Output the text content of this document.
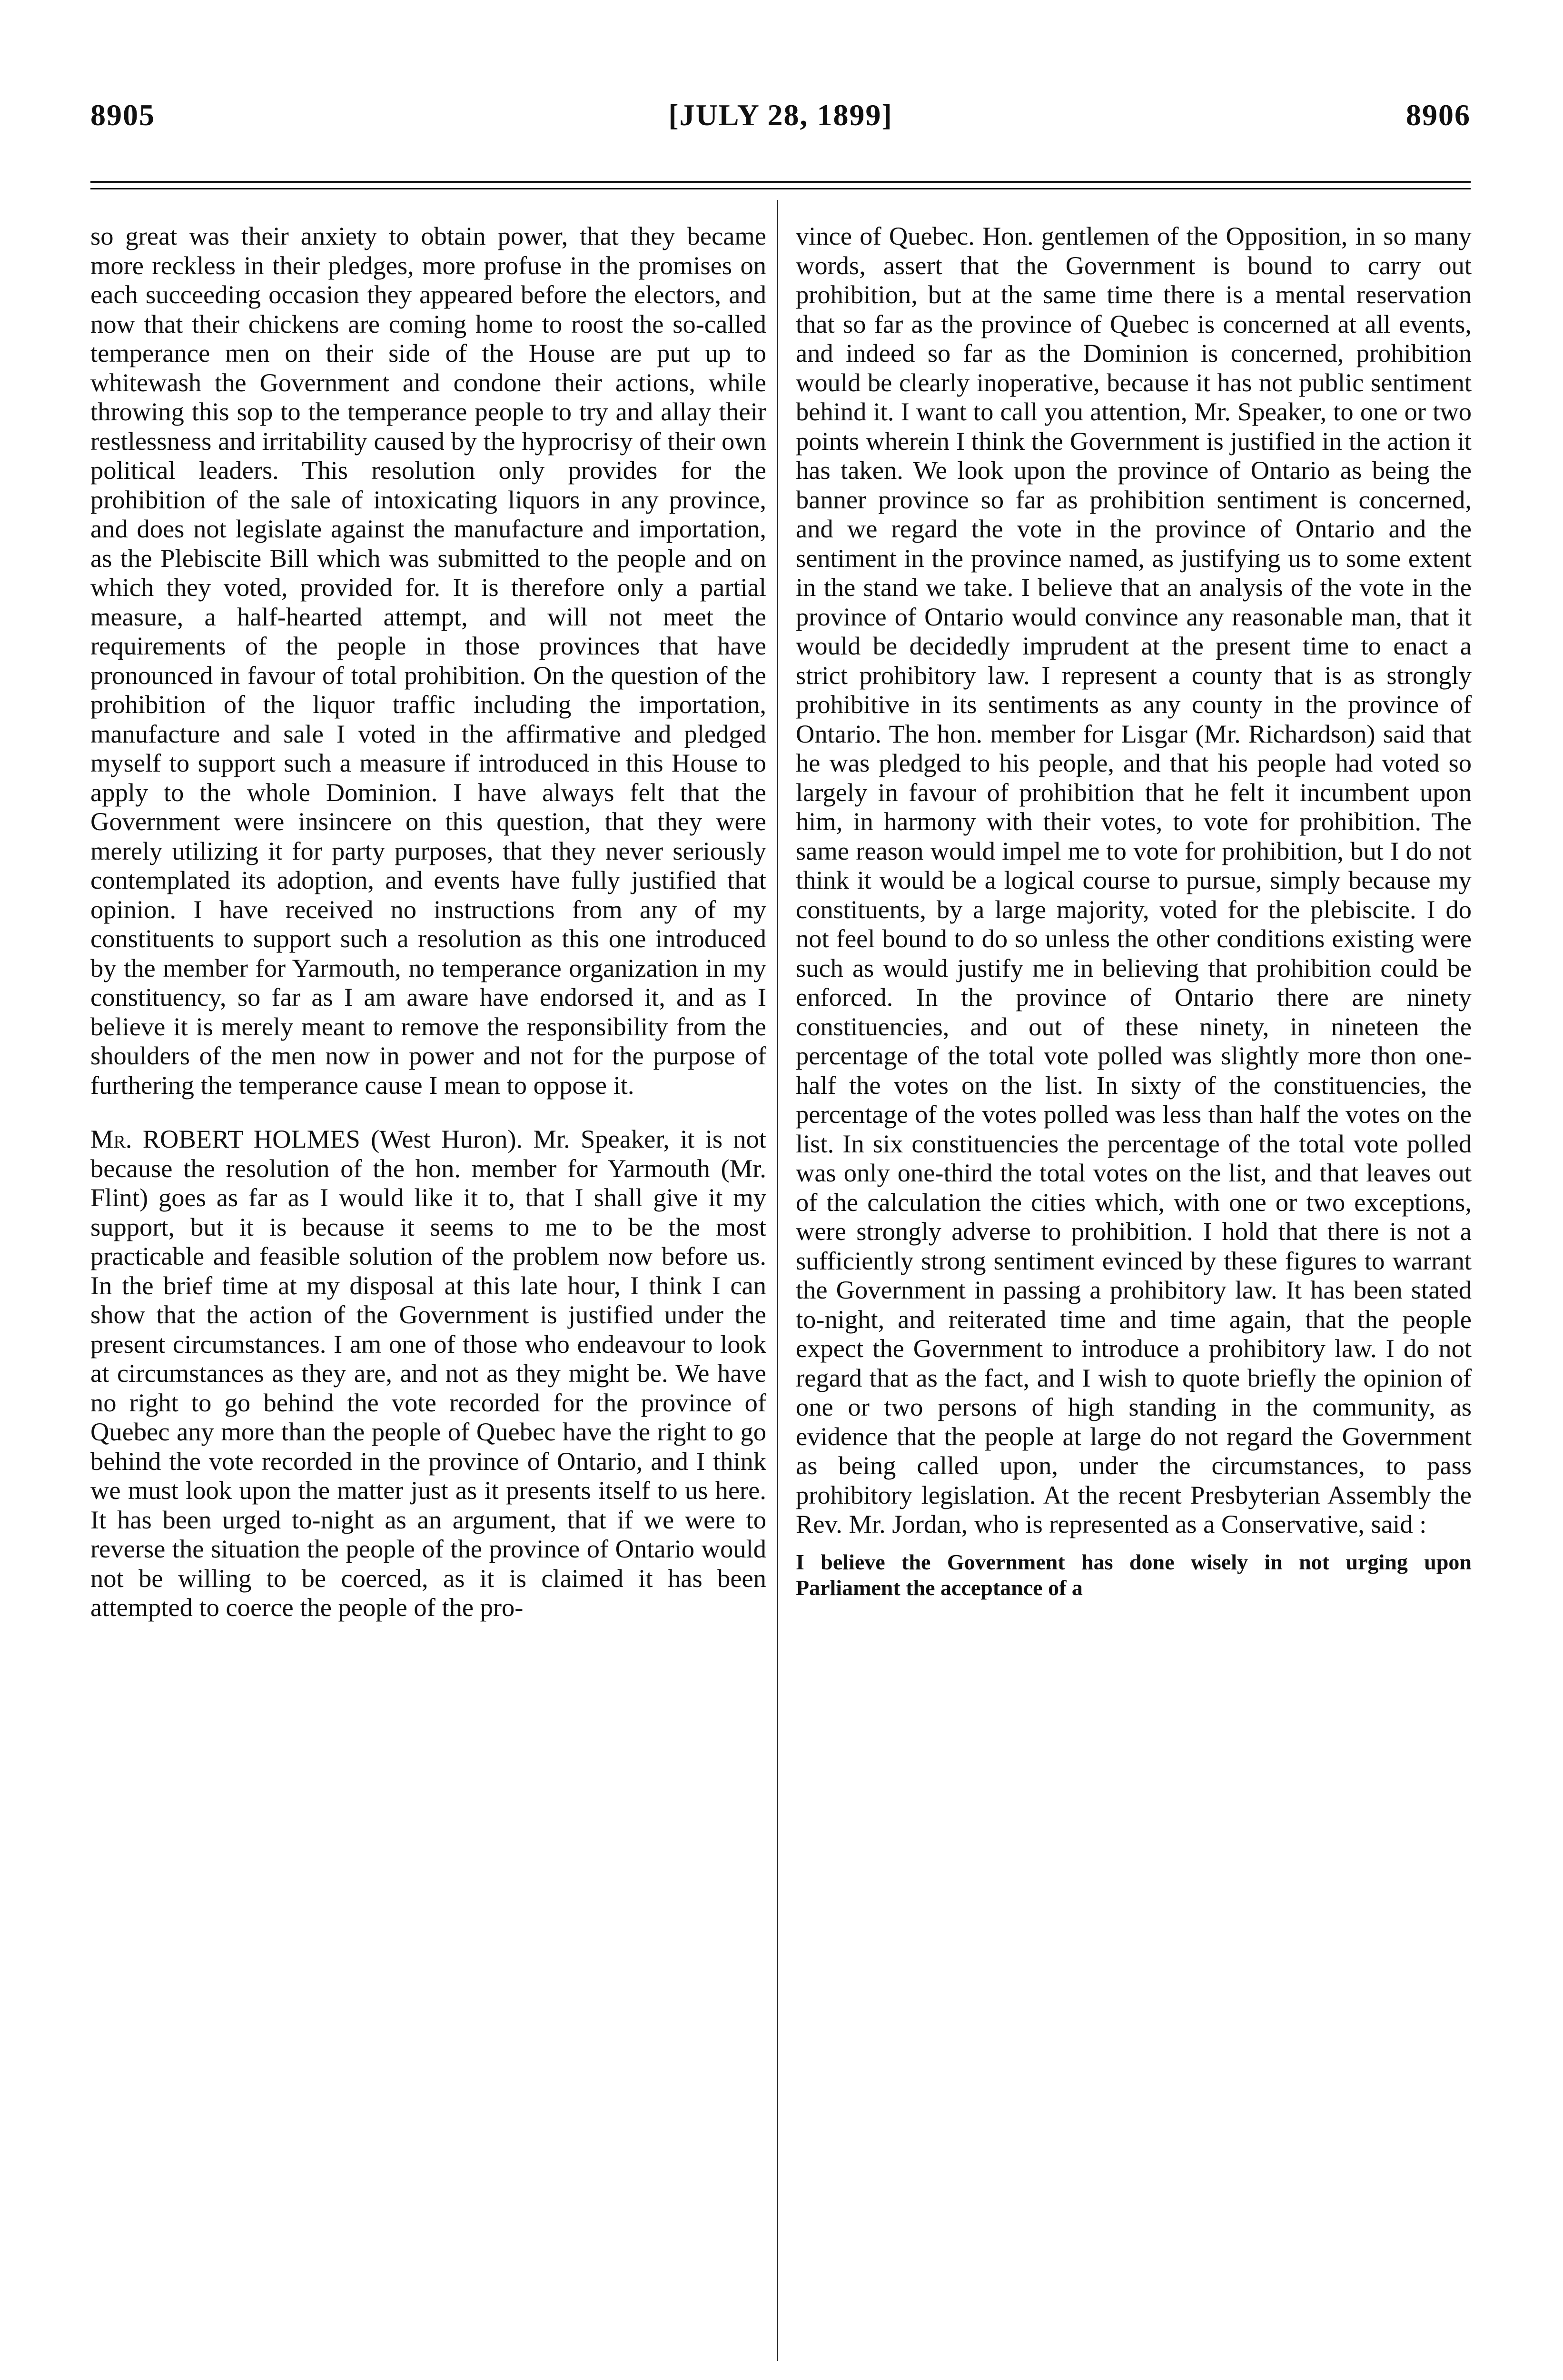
8905	[JULY 28, 1899]	8906

so great was their anxiety to obtain power, that they became more reckless in their pledges, more profuse in the promises on each succeeding occasion they appeared before the electors, and now that their chickens are coming home to roost the so-called temperance men on their side of the House are put up to whitewash the Government and condone their actions, while throwing this sop to the temperance people to try and allay their restlessness and irritability caused by the hyprocrisy of their own political leaders. This resolution only provides for the prohibition of the sale of intoxicating liquors in any province, and does not legislate against the manufacture and importation, as the Plebiscite Bill which was submitted to the people and on which they voted, provided for. It is therefore only a partial measure, a half-hearted attempt, and will not meet the requirements of the people in those provinces that have pronounced in favour of total prohibition. On the question of the prohibition of the liquor traffic including the importation, manufacture and sale I voted in the affirmative and pledged myself to support such a measure if introduced in this House to apply to the whole Dominion. I have always felt that the Government were insincere on this question, that they were merely utilizing it for party purposes, that they never seriously contemplated its adoption, and events have fully justified that opinion. I have received no instructions from any of my constituents to support such a resolution as this one introduced by the member for Yarmouth, no temperance organization in my constituency, so far as I am aware have endorsed it, and as I believe it is merely meant to remove the responsibility from the shoulders of the men now in power and not for the purpose of furthering the temperance cause I mean to oppose it.

Mr. ROBERT HOLMES (West Huron). Mr. Speaker, it is not because the resolution of the hon. member for Yarmouth (Mr. Flint) goes as far as I would like it to, that I shall give it my support, but it is because it seems to me to be the most practicable and feasible solution of the problem now before us. In the brief time at my disposal at this late hour, I think I can show that the action of the Government is justified under the present circumstances. I am one of those who endeavour to look at circumstances as they are, and not as they might be. We have no right to go behind the vote recorded for the province of Quebec any more than the people of Quebec have the right to go behind the vote recorded in the province of Ontario, and I think we must look upon the matter just as it presents itself to us here. It has been urged to-night as an argument, that if we were to reverse the situation the people of the province of Ontario would not be willing to be coerced, as it is claimed it has been attempted to coerce the people of the pro-

vince of Quebec. Hon. gentlemen of the Opposition, in so many words, assert that the Government is bound to carry out prohibition, but at the same time there is a mental reservation that so far as the province of Quebec is concerned at all events, and indeed so far as the Dominion is concerned, prohibition would be clearly inoperative, because it has not public sentiment behind it. I want to call you attention, Mr. Speaker, to one or two points wherein I think the Government is justified in the action it has taken. We look upon the province of Ontario as being the banner province so far as prohibition sentiment is concerned, and we regard the vote in the province of Ontario and the sentiment in the province named, as justifying us to some extent in the stand we take. I believe that an analysis of the vote in the province of Ontario would convince any reasonable man, that it would be decidedly imprudent at the present time to enact a strict prohibitory law. I represent a county that is as strongly prohibitive in its sentiments as any county in the province of Ontario. The hon. member for Lisgar (Mr. Richardson) said that he was pledged to his people, and that his people had voted so largely in favour of prohibition that he felt it incumbent upon him, in harmony with their votes, to vote for prohibition. The same reason would impel me to vote for prohibition, but I do not think it would be a logical course to pursue, simply because my constituents, by a large majority, voted for the plebiscite. I do not feel bound to do so unless the other conditions existing were such as would justify me in believing that prohibition could be enforced. In the province of Ontario there are ninety constituencies, and out of these ninety, in nineteen the percentage of the total vote polled was slightly more thon one-half the votes on the list. In sixty of the constituencies, the percentage of the votes polled was less than half the votes on the list. In six constituencies the percentage of the total vote polled was only one-third the total votes on the list, and that leaves out of the calculation the cities which, with one or two exceptions, were strongly adverse to prohibition. I hold that there is not a sufficiently strong sentiment evinced by these figures to warrant the Government in passing a prohibitory law. It has been stated to-night, and reiterated time and time again, that the people expect the Government to introduce a prohibitory law. I do not regard that as the fact, and I wish to quote briefly the opinion of one or two persons of high standing in the community, as evidence that the people at large do not regard the Government as being called upon, under the circumstances, to pass prohibitory legislation. At the recent Presbyterian Assembly the Rev. Mr. Jordan, who is represented as a Conservative, said :

I believe the Government has done wisely in not urging upon Parliament the acceptance of a
